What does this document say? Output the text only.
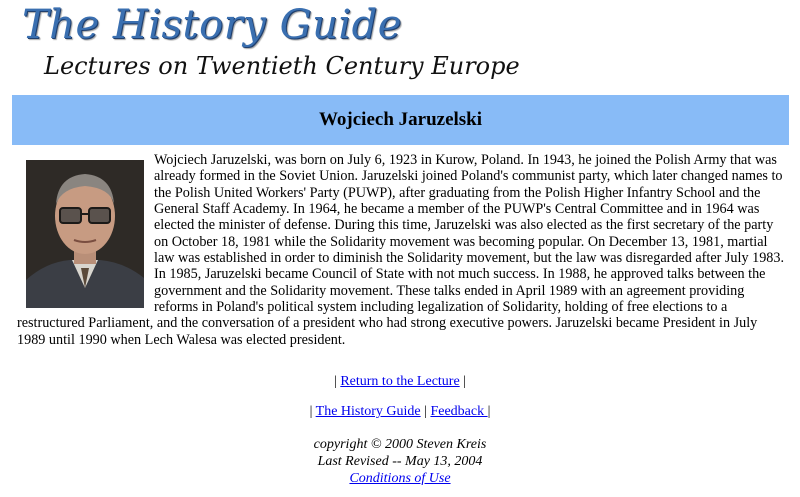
The History Guide
Lectures on Twentieth Century Europe
Wojciech Jaruzelski

Wojciech Jaruzelski, was born on July 6, 1923 in Kurow, Poland. In 1943, he joined the Polish Army that was already formed in the Soviet Union. Jaruzelski joined Poland's communist party, which later changed names to the Polish United Workers' Party (PUWP), after graduating from the Polish Higher Infantry School and the General Staff Academy. In 1964, he became a member of the PUWP's Central Committee and in 1964 was elected the minister of defense. During this time, Jaruzelski was also elected as the first secretary of the party on October 18, 1981 while the Solidarity movement was becoming popular. On December 13, 1981, martial law was established in order to diminish the Solidarity movement, but the law was disregarded after July 1983. In 1985, Jaruzelski became Council of State with not much success. In 1988, he approved talks between the government and the Solidarity movement. These talks ended in April 1989 with an agreement providing reforms in Poland's political system including legalization of Solidarity, holding of free elections to a restructured Parliament, and the conversation of a president who had strong executive powers. Jaruzelski became President in July 1989 until 1990 when Lech Walesa was elected president.

| Return to the Lecture |

| The History Guide | Feedback |

copyright © 2000 Steven Kreis
Last Revised -- May 13, 2004
Conditions of Use
